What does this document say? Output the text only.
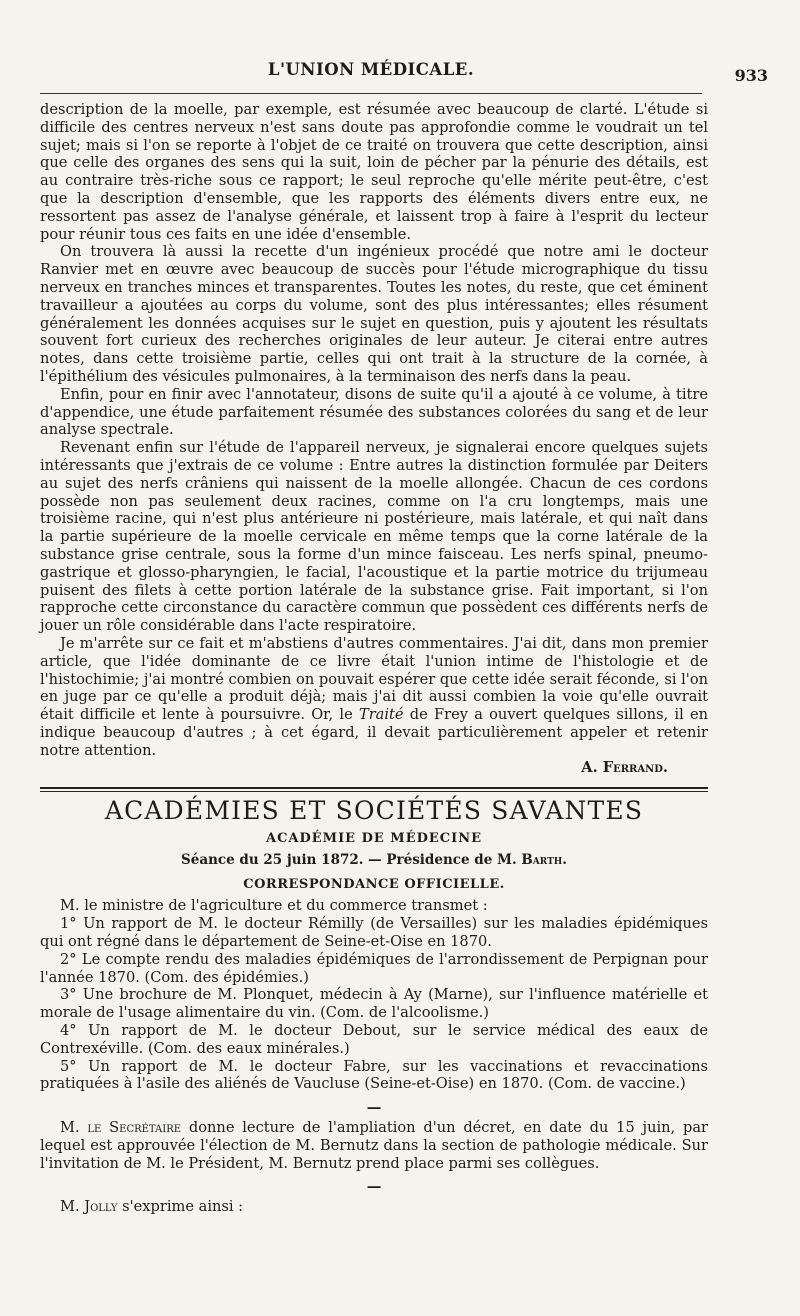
L'UNION MÉDICALE.	933

description de la moelle, par exemple, est résumée avec beaucoup de clarté. L'étude si difficile des centres nerveux n'est sans doute pas approfondie comme le voudrait un tel sujet; mais si l'on se reporte à l'objet de ce traité on trouvera que cette description, ainsi que celle des organes des sens qui la suit, loin de pécher par la pénurie des détails, est au contraire très-riche sous ce rapport; le seul reproche qu'elle mérite peut-être, c'est que la description d'ensemble, que les rapports des éléments divers entre eux, ne ressortent pas assez de l'analyse générale, et laissent trop à faire à l'esprit du lecteur pour réunir tous ces faits en une idée d'ensemble.

On trouvera là aussi la recette d'un ingénieux procédé que notre ami le docteur Ranvier met en œuvre avec beaucoup de succès pour l'étude micrographique du tissu nerveux en tranches minces et transparentes. Toutes les notes, du reste, que cet éminent travailleur a ajoutées au corps du volume, sont des plus intéressantes; elles résument généralement les données acquises sur le sujet en question, puis y ajoutent les résultats souvent fort curieux des recherches originales de leur auteur. Je citerai entre autres notes, dans cette troisième partie, celles qui ont trait à la structure de la cornée, à l'épithélium des vésicules pulmonaires, à la terminaison des nerfs dans la peau.

Enfin, pour en finir avec l'annotateur, disons de suite qu'il a ajouté à ce volume, à titre d'appendice, une étude parfaitement résumée des substances colorées du sang et de leur analyse spectrale.

Revenant enfin sur l'étude de l'appareil nerveux, je signalerai encore quelques sujets intéressants que j'extrais de ce volume : Entre autres la distinction formulée par Deiters au sujet des nerfs crâniens qui naissent de la moelle allongée. Chacun de ces cordons possède non pas seulement deux racines, comme on l'a cru longtemps, mais une troisième racine, qui n'est plus antérieure ni postérieure, mais latérale, et qui naît dans la partie supérieure de la moelle cervicale en même temps que la corne latérale de la substance grise centrale, sous la forme d'un mince faisceau. Les nerfs spinal, pneumo-gastrique et glosso-pharyngien, le facial, l'acoustique et la partie motrice du trijumeau puisent des filets à cette portion latérale de la substance grise. Fait important, si l'on rapproche cette circonstance du caractère commun que possèdent ces différents nerfs de jouer un rôle considérable dans l'acte respiratoire.

Je m'arrête sur ce fait et m'abstiens d'autres commentaires. J'ai dit, dans mon premier article, que l'idée dominante de ce livre était l'union intime de l'histologie et de l'histochimie; j'ai montré combien on pouvait espérer que cette idée serait féconde, si l'on en juge par ce qu'elle a produit déjà; mais j'ai dit aussi combien la voie qu'elle ouvrait était difficile et lente à poursuivre. Or, le Traité de Frey a ouvert quelques sillons, il en indique beaucoup d'autres ; à cet égard, il devait particulièrement appeler et retenir notre attention.

A. Ferrand.
ACADÉMIES ET SOCIÉTÉS SAVANTES
ACADÉMIE DE MÉDECINE
Séance du 25 juin 1872. — Présidence de M. Barth.
CORRESPONDANCE OFFICIELLE.

M. le ministre de l'agriculture et du commerce transmet :

1° Un rapport de M. le docteur Rémilly (de Versailles) sur les maladies épidémiques qui ont régné dans le département de Seine-et-Oise en 1870.

2° Le compte rendu des maladies épidémiques de l'arrondissement de Perpignan pour l'année 1870. (Com. des épidémies.)

3° Une brochure de M. Plonquet, médecin à Ay (Marne), sur l'influence matérielle et morale de l'usage alimentaire du vin. (Com. de l'alcoolisme.)

4° Un rapport de M. le docteur Debout, sur le service médical des eaux de Contrexéville. (Com. des eaux minérales.)

5° Un rapport de M. le docteur Fabre, sur les vaccinations et revaccinations pratiquées à l'asile des aliénés de Vaucluse (Seine-et-Oise) en 1870. (Com. de vaccine.)

—

M. le Secrétaire donne lecture de l'ampliation d'un décret, en date du 15 juin, par lequel est approuvée l'élection de M. Bernutz dans la section de pathologie médicale. Sur l'invitation de M. le Président, M. Bernutz prend place parmi ses collègues.

—

M. Jolly s'exprime ainsi :
